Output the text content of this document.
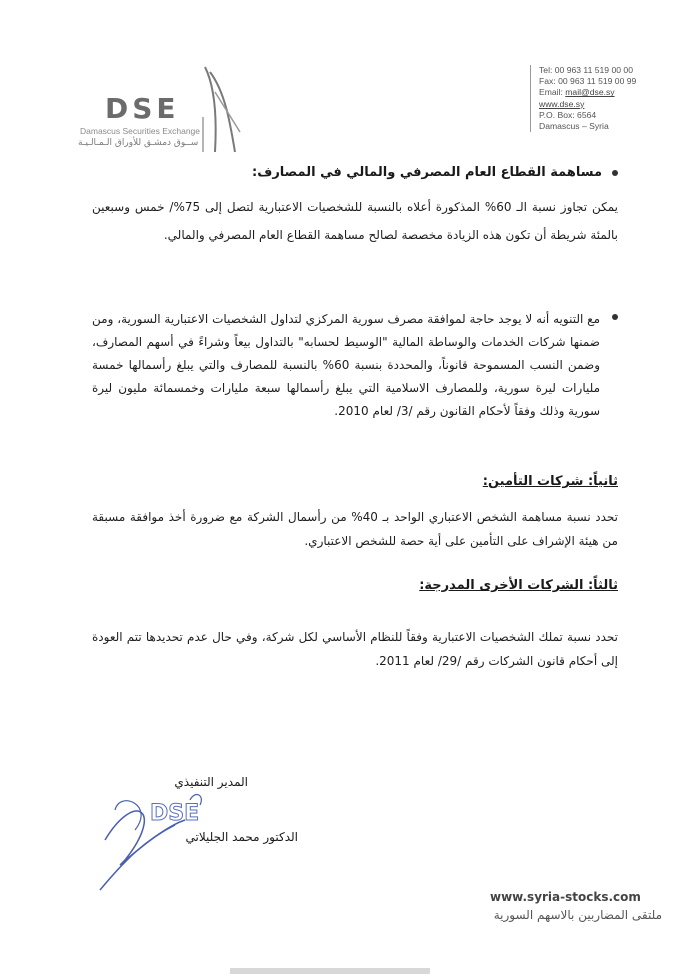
DSE
Damascus Securities Exchange
ســوق دمشـق للأوراق الـمـالـيـة
Tel: 00 963 11 519 00 00
Fax: 00 963 11 519 00 99
Email: mail@dse.sy
www.dse.sy
P.O. Box: 6564
Damascus – Syria
مساهمة القطاع العام المصرفي والمالي في المصارف:
يمكن تجاوز نسبة الـ 60% المذكورة أعلاه بالنسبة للشخصيات الاعتبارية لتصل إلى 75%/ خمس وسبعين بالمئة شريطة أن تكون هذه الزيادة مخصصة لصالح مساهمة القطاع العام المصرفي والمالي.
مع التنويه أنه لا يوجد حاجة لموافقة مصرف سورية المركزي لتداول الشخصيات الاعتبارية السورية، ومن ضمنها شركات الخدمات والوساطة المالية "الوسيط لحسابه" بالتداول بيعاً وشراءً في أسهم المصارف، وضمن النسب المسموحة قانوناً، والمحددة بنسبة 60% بالنسبة للمصارف والتي يبلغ رأسمالها خمسة مليارات ليرة سورية، وللمصارف الاسلامية التي يبلغ رأسمالها سبعة مليارات وخمسمائة مليون ليرة سورية وذلك وفقاً لأحكام القانون رقم /3/ لعام 2010.
ثانياً: شركات التأمين:
تحدد نسبة مساهمة الشخص الاعتباري الواحد بـ 40% من رأسمال الشركة مع ضرورة أخذ موافقة مسبقة من هيئة الإشراف على التأمين على أية حصة للشخص الاعتباري.
ثالثاً: الشركات الأخرى المدرجة:
تحدد نسبة تملك الشخصيات الاعتبارية وفقاً للنظام الأساسي لكل شركة، وفي حال عدم تحديدها تتم العودة إلى أحكام قانون الشركات رقم /29/ لعام 2011.
DSE
المدير التنفيذي
الدكتور محمد الجليلاتي
www.syria-stocks.com
ملتقى المضاربين بالاسهم السورية
